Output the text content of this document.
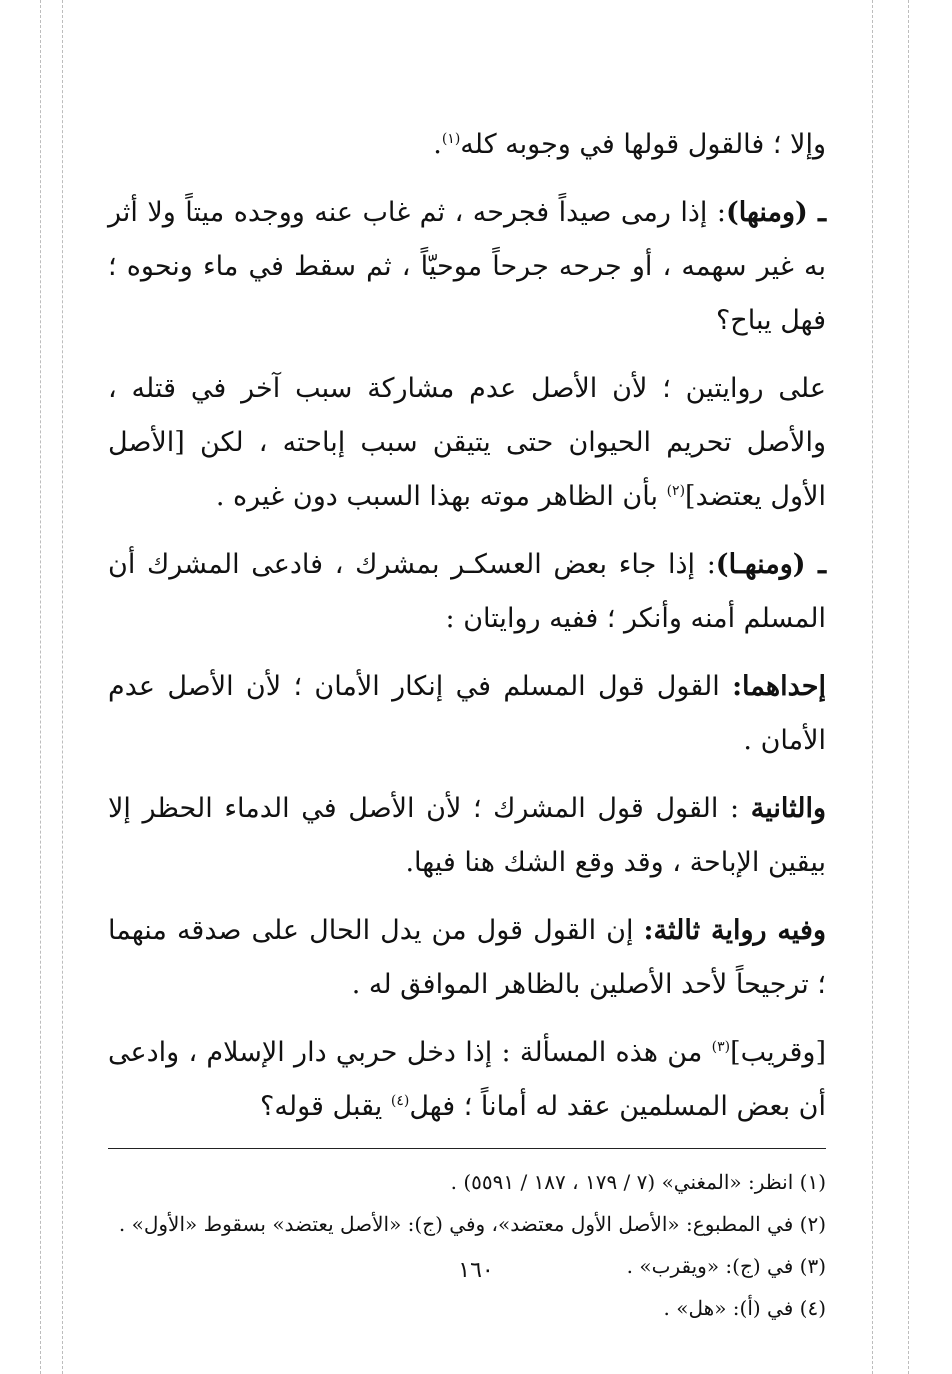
وإلا ؛ فالقول قولها في وجوبه كله$^{(١)}$.

ـ (ومنها): إذا رمى صيداً فجرحه ، ثم غاب عنه ووجده ميتاً ولا أثر به غير سهمه ، أو جرحه جرحاً موحيّاً ، ثم سقط في ماء ونحوه ؛ فهل يباح؟

على روايتين ؛ لأن الأصل عدم مشاركة سبب آخر في قتله ، والأصل تحريم الحيوان حتى يتيقن سبب إباحته ، لكن [الأصل الأول يعتضد]$^{(٢)}$ بأن الظاهر موته بهذا السبب دون غيره .

ـ (ومنهـا): إذا جاء بعض العسكـر بمشرك ، فادعى المشرك أن المسلم أمنه وأنكر ؛ ففيه روايتان :

إحداهما: القول قول المسلم في إنكار الأمان ؛ لأن الأصل عدم الأمان .

والثانية : القول قول المشرك ؛ لأن الأصل في الدماء الحظر إلا بيقين الإباحة ، وقد وقع الشك هنا فيها.

وفيه رواية ثالثة: إن القول قول من يدل الحال على صدقه منهما ؛ ترجيحاً لأحد الأصلين بالظاهر الموافق له .

[وقريب]$^{(٣)}$ من هذه المسألة : إذا دخل حربي دار الإسلام ، وادعى أن بعض المسلمين عقد له أماناً ؛ فهل$^{(٤)}$ يقبل قوله؟

(١) انظر: «المغني» (٧ / ١٧٩ ، ١٨٧ / ٥٥٩١) .

(٢) في المطبوع: «الأصل الأول معتضد»، وفي (ج): «الأصل يعتضد» بسقوط «الأول» .

(٣) في (ج): «ويقرب» .

(٤) في (أ): «هل» .

١٦٠
